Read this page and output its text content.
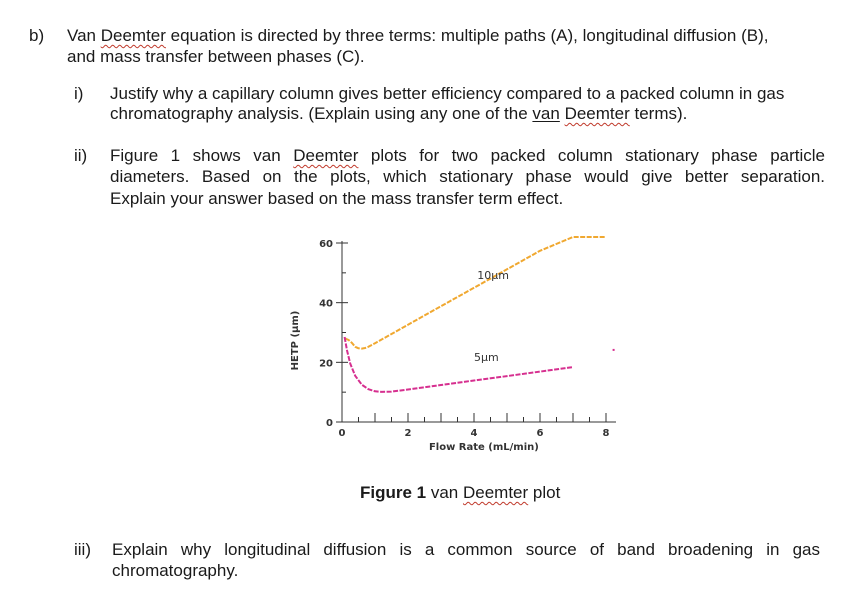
b) Van Deemter equation is directed by three terms: multiple paths (A), longitudinal diffusion (B),
and mass transfer between phases (C).
i) Justify why a capillary column gives better efficiency compared to a packed column in gas
chromatography analysis. (Explain using any one of the van Deemter terms).
ii) Figure 1 shows van Deemter plots for two packed column stationary phase particle
diameters. Based on the plots, which stationary phase would give better separation.
Explain your answer based on the mass transfer term effect.
0
20
40
60
0	2	4	6	8
10µm
5µm
Flow Rate (mL/min)
HETP (µm)
Figure 1 van Deemter plot
iii) Explain why longitudinal diffusion is a common source of band broadening in gas
chromatography.
